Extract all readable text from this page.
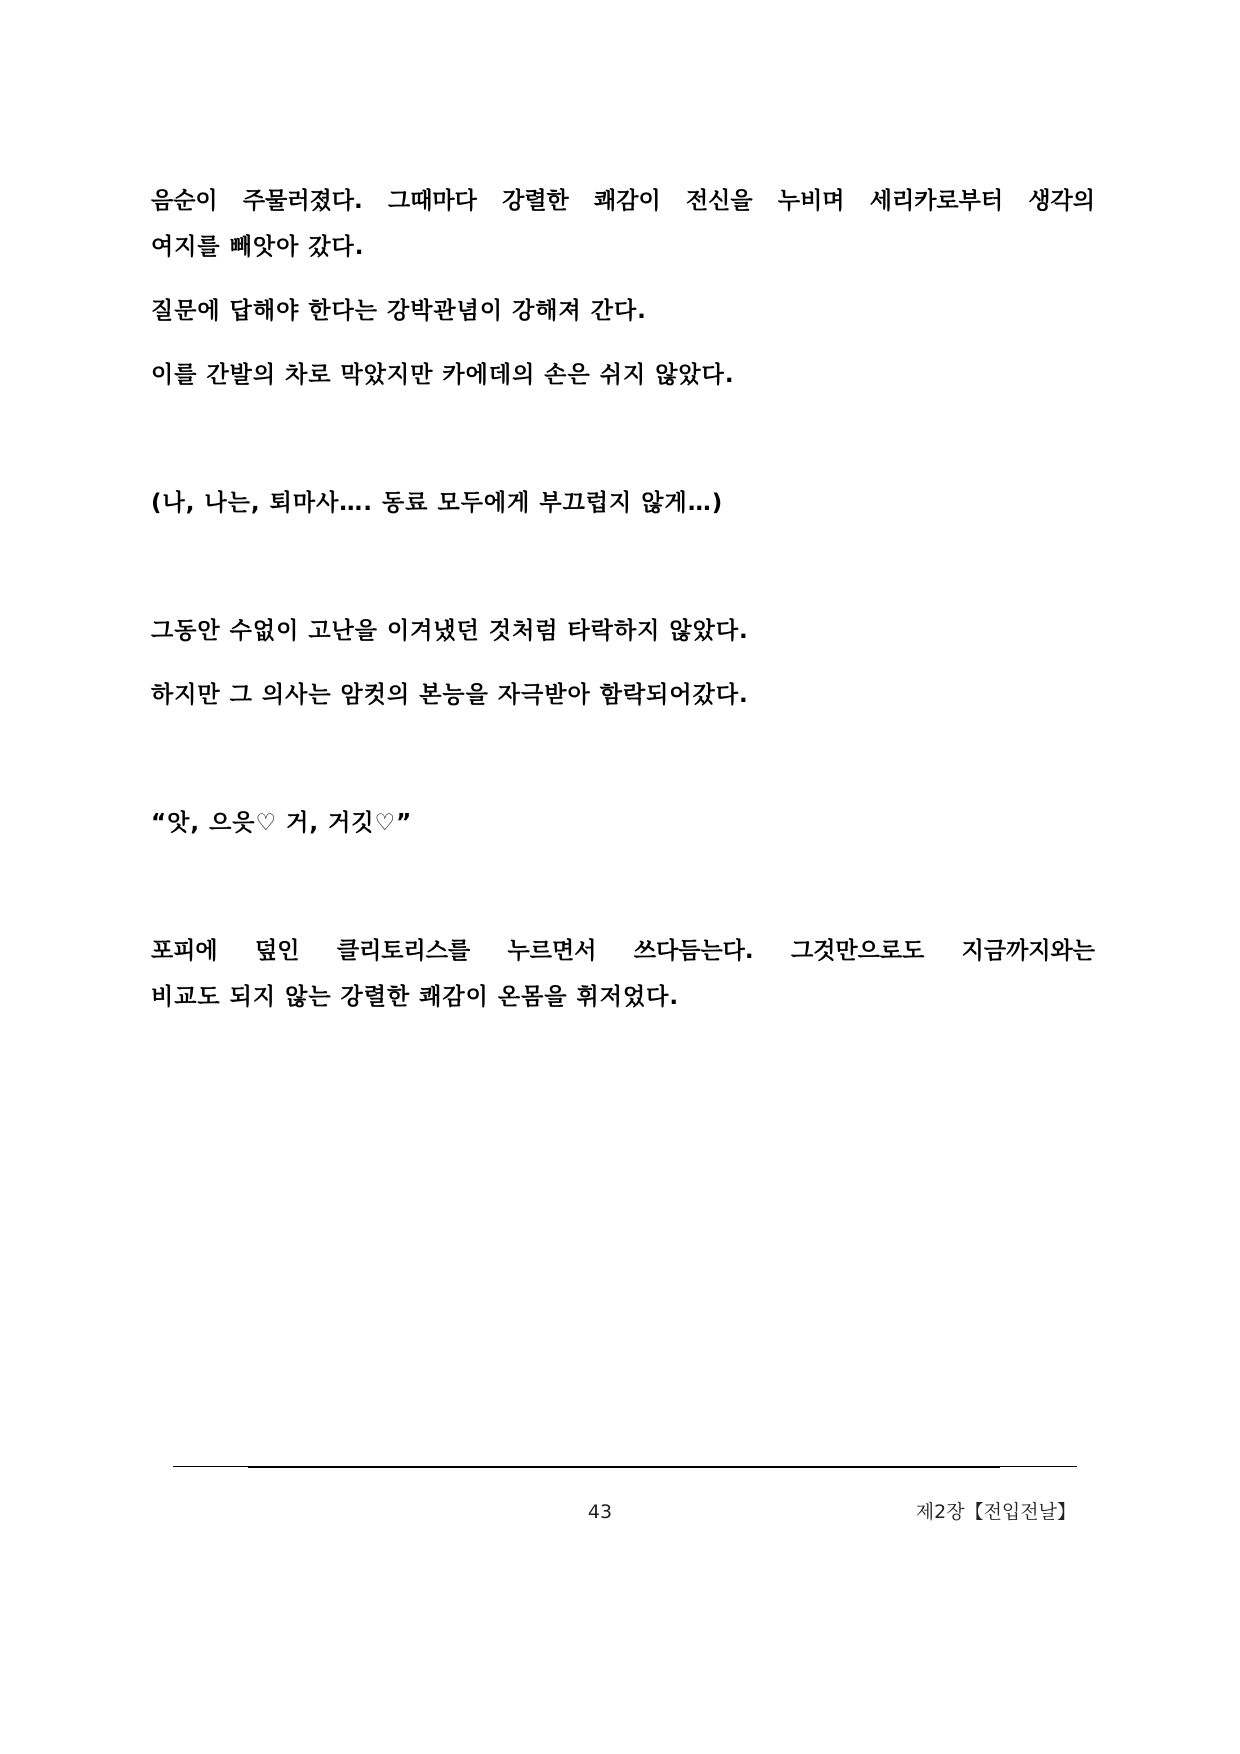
음순이 주물러졌다. 그때마다 강렬한 쾌감이 전신을 누비며 세리카로부터 생각의

여지를 빼앗아 갔다.

질문에 답해야 한다는 강박관념이 강해져 간다.

이를 간발의 차로 막았지만 카에데의 손은 쉬지 않았다.

(나, 나는, 퇴마사…. 동료 모두에게 부끄럽지 않게…)

그동안 수없이 고난을 이겨냈던 것처럼 타락하지 않았다.

하지만 그 의사는 암컷의 본능을 자극받아 함락되어갔다.

“앗, 으읏♡ 거, 거깃♡”

포피에 덮인 클리토리스를 누르면서 쓰다듬는다. 그것만으로도 지금까지와는

비교도 되지 않는 강렬한 쾌감이 온몸을 휘저었다.

43	제2장【전입전날】
